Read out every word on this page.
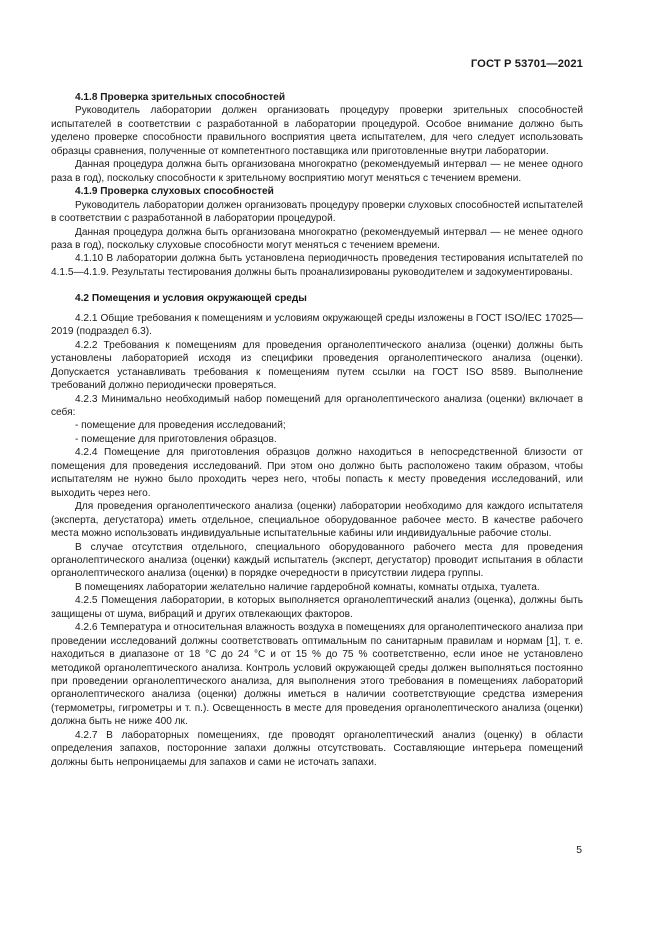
ГОСТ Р 53701—2021

4.1.8 Проверка зрительных способностей

Руководитель лаборатории должен организовать процедуру проверки зрительных способностей испытателей в соответствии с разработанной в лаборатории процедурой. Особое внимание должно быть уделено проверке способности правильного восприятия цвета испытателем, для чего следует использовать образцы сравнения, полученные от компетентного поставщика или приготовленные внутри лаборатории.

Данная процедура должна быть организована многократно (рекомендуемый интервал — не менее одного раза в год), поскольку способности к зрительному восприятию могут меняться с течением времени.

4.1.9 Проверка слуховых способностей

Руководитель лаборатории должен организовать процедуру проверки слуховых способностей испытателей в соответствии с разработанной в лаборатории процедурой.

Данная процедура должна быть организована многократно (рекомендуемый интервал — не менее одного раза в год), поскольку слуховые способности могут меняться с течением времени.

4.1.10 В лаборатории должна быть установлена периодичность проведения тестирования испытателей по 4.1.5—4.1.9. Результаты тестирования должны быть проанализированы руководителем и задокументированы.

4.2 Помещения и условия окружающей среды

4.2.1 Общие требования к помещениям и условиям окружающей среды изложены в ГОСТ ISO/IEC 17025—2019 (подраздел 6.3).

4.2.2 Требования к помещениям для проведения органолептического анализа (оценки) должны быть установлены лабораторией исходя из специфики проведения органолептического анализа (оценки). Допускается устанавливать требования к помещениям путем ссылки на ГОСТ ISO 8589. Выполнение требований должно периодически проверяться.

4.2.3 Минимально необходимый набор помещений для органолептического анализа (оценки) включает в себя:

- помещение для проведения исследований;

- помещение для приготовления образцов.

4.2.4 Помещение для приготовления образцов должно находиться в непосредственной близости от помещения для проведения исследований. При этом оно должно быть расположено таким образом, чтобы испытателям не нужно было проходить через него, чтобы попасть к месту проведения исследований, или выходить через него.

Для проведения органолептического анализа (оценки) лаборатории необходимо для каждого испытателя (эксперта, дегустатора) иметь отдельное, специальное оборудованное рабочее место. В качестве рабочего места можно использовать индивидуальные испытательные кабины или индивидуальные рабочие столы.

В случае отсутствия отдельного, специального оборудованного рабочего места для проведения органолептического анализа (оценки) каждый испытатель (эксперт, дегустатор) проводит испытания в области органолептического анализа (оценки) в порядке очередности в присутствии лидера группы.

В помещениях лаборатории желательно наличие гардеробной комнаты, комнаты отдыха, туалета.

4.2.5 Помещения лаборатории, в которых выполняется органолептический анализ (оценка), должны быть защищены от шума, вибраций и других отвлекающих факторов.

4.2.6 Температура и относительная влажность воздуха в помещениях для органолептического анализа при проведении исследований должны соответствовать оптимальным по санитарным правилам и нормам [1], т. е. находиться в диапазоне от 18 °С до 24 °С и от 15 % до 75 % соответственно, если иное не установлено методикой органолептического анализа. Контроль условий окружающей среды должен выполняться постоянно при проведении органолептического анализа, для выполнения этого требования в помещениях лабораторий органолептического анализа (оценки) должны иметься в наличии соответствующие средства измерения (термометры, гигрометры и т. п.). Освещенность в месте для проведения органолептического анализа (оценки) должна быть не ниже 400 лк.

4.2.7 В лабораторных помещениях, где проводят органолептический анализ (оценку) в области определения запахов, посторонние запахи должны отсутствовать. Составляющие интерьера помещений должны быть непроницаемы для запахов и сами не источать запахи.

5
